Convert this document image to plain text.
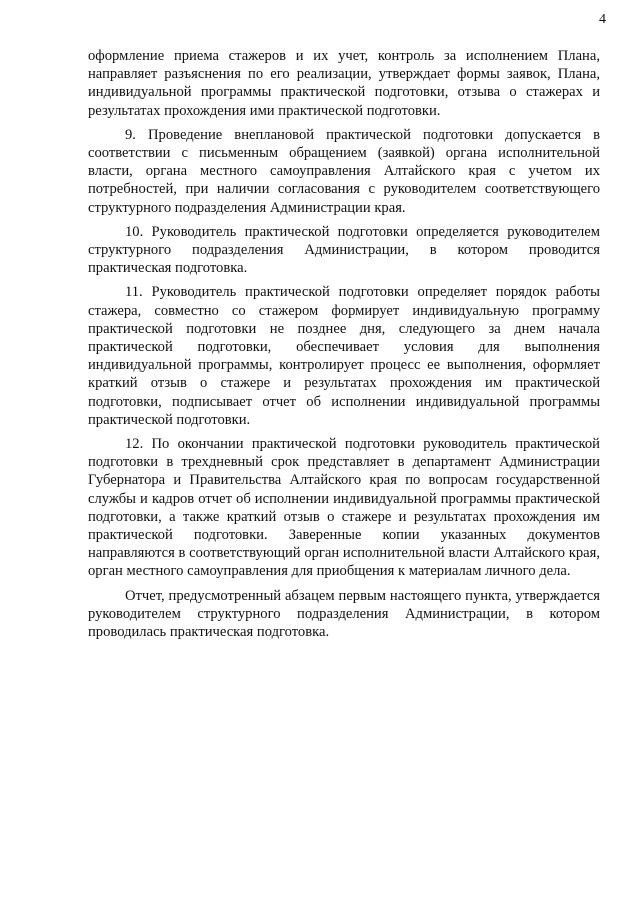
4

оформление приема стажеров и их учет, контроль за исполнением Плана, направляет разъяснения по его реализации, утверждает формы заявок, Плана, индивидуальной программы практической подготовки, отзыва о стажерах и результатах прохождения ими практической подготовки.

9. Проведение внеплановой практической подготовки допускается в соответствии с письменным обращением (заявкой) органа исполнительной власти, органа местного самоуправления Алтайского края с учетом их потребностей, при наличии согласования с руководителем соответствующего структурного подразделения Администрации края.

10. Руководитель практической подготовки определяется руководителем структурного подразделения Администрации, в котором проводится практическая подготовка.

11. Руководитель практической подготовки определяет порядок работы стажера, совместно со стажером формирует индивидуальную программу практической подготовки не позднее дня, следующего за днем начала практической подготовки, обеспечивает условия для выполнения индивидуальной программы, контролирует процесс ее выполнения, оформляет краткий отзыв о стажере и результатах прохождения им практической подготовки, подписывает отчет об исполнении индивидуальной программы практической подготовки.

12. По окончании практической подготовки руководитель практической подготовки в трехдневный срок представляет в департамент Администрации Губернатора и Правительства Алтайского края по вопросам государственной службы и кадров отчет об исполнении индивидуальной программы практической подготовки, а также краткий отзыв о стажере и результатах прохождения им практической подготовки. Заверенные копии указанных документов направляются в соответствующий орган исполнительной власти Алтайского края, орган местного самоуправления для приобщения к материалам личного дела.

Отчет, предусмотренный абзацем первым настоящего пункта, утверждается руководителем структурного подразделения Администрации, в котором проводилась практическая подготовка.
